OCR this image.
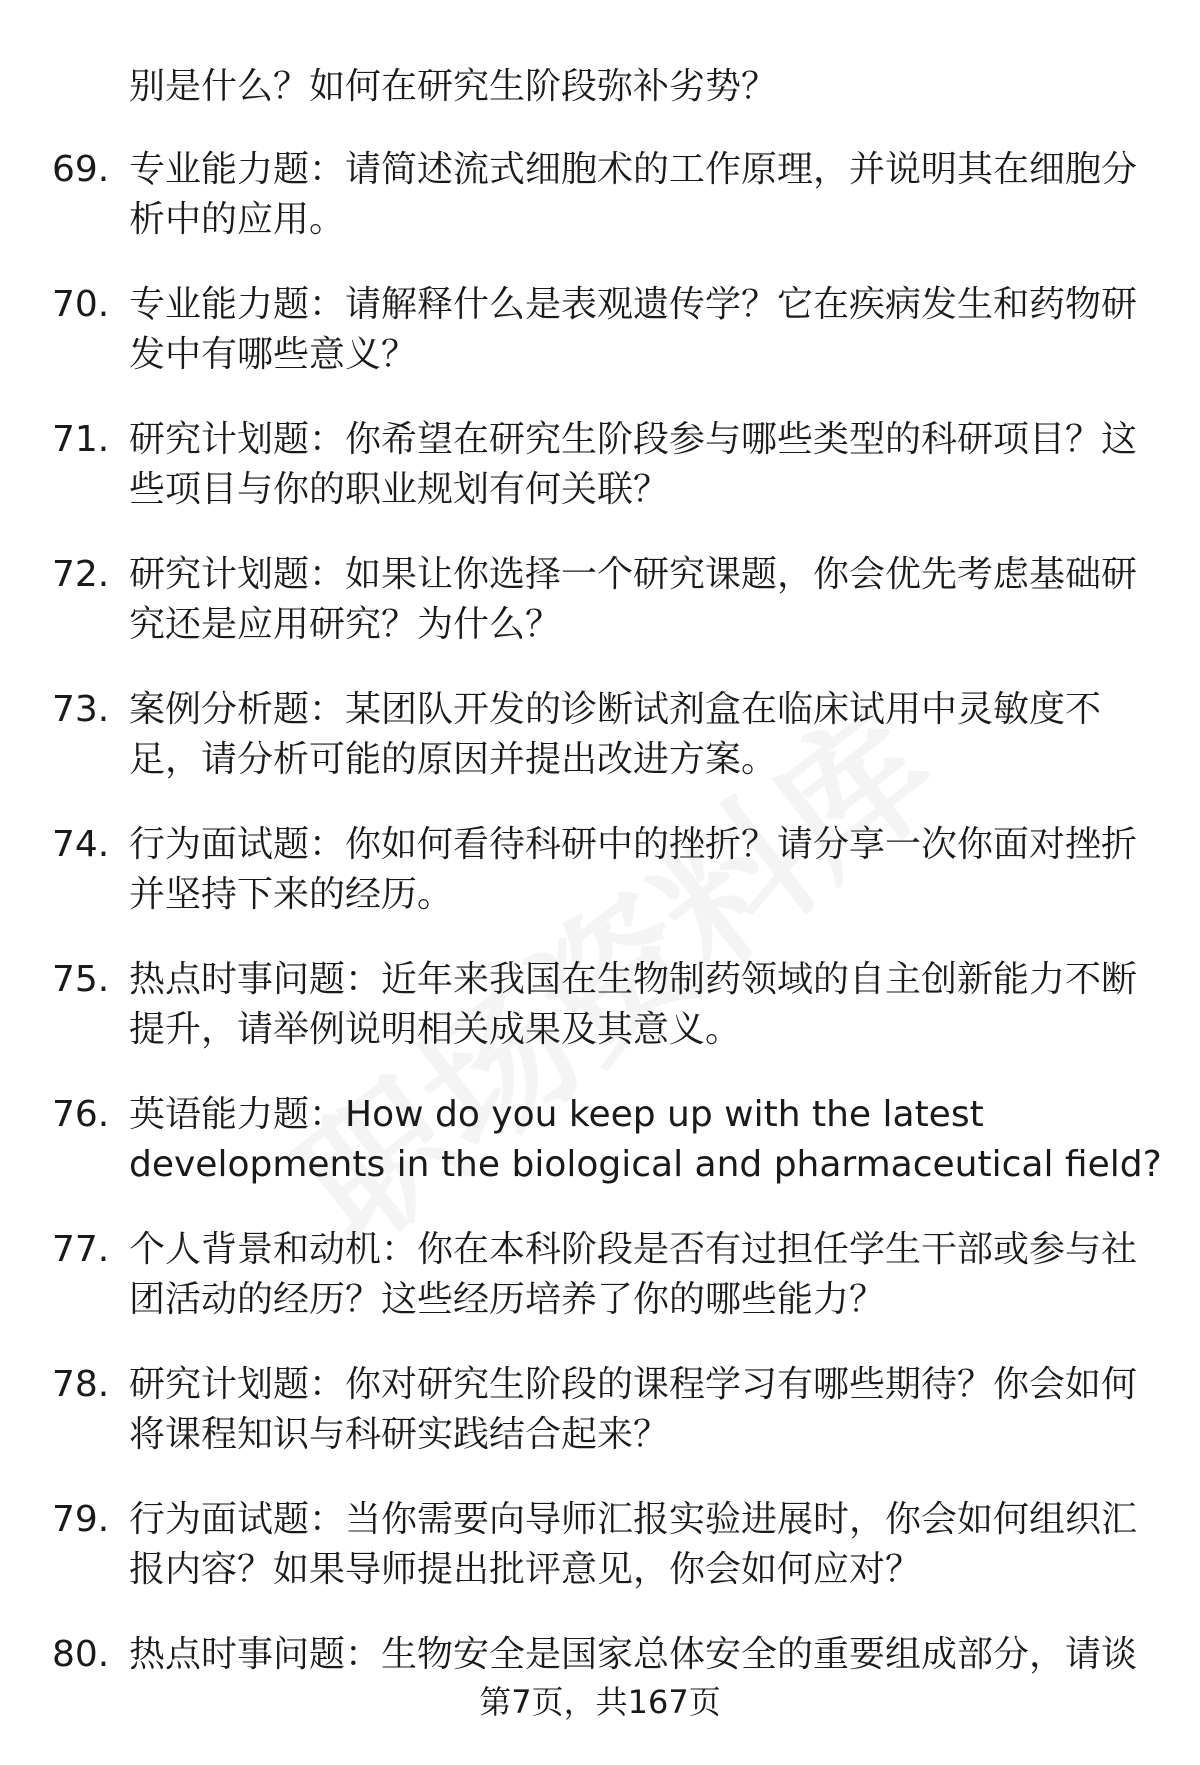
别是什么？如何在研究生阶段弥补劣势？
69. 专业能力题：请简述流式细胞术的工作原理，并说明其在细胞分
析中的应用。
70. 专业能力题：请解释什么是表观遗传学？它在疾病发生和药物研
发中有哪些意义？
71. 研究计划题：你希望在研究生阶段参与哪些类型的科研项目？这
些项目与你的职业规划有何关联？
72. 研究计划题：如果让你选择一个研究课题，你会优先考虑基础研
究还是应用研究？为什么？
73. 案例分析题：某团队开发的诊断试剂盒在临床试用中灵敏度不
足，请分析可能的原因并提出改进方案。
74. 行为面试题：你如何看待科研中的挫折？请分享一次你面对挫折
并坚持下来的经历。
75. 热点时事问题：近年来我国在生物制药领域的自主创新能力不断
提升，请举例说明相关成果及其意义。
76. 英语能力题：How do you keep up with the latest
developments in the biological and pharmaceutical field?
77. 个人背景和动机：你在本科阶段是否有过担任学生干部或参与社
团活动的经历？这些经历培养了你的哪些能力？
78. 研究计划题：你对研究生阶段的课程学习有哪些期待？你会如何
将课程知识与科研实践结合起来？
79. 行为面试题：当你需要向导师汇报实验进展时，你会如何组织汇
报内容？如果导师提出批评意见，你会如何应对？
80. 热点时事问题：生物安全是国家总体安全的重要组成部分，请谈
第7页，共167页
